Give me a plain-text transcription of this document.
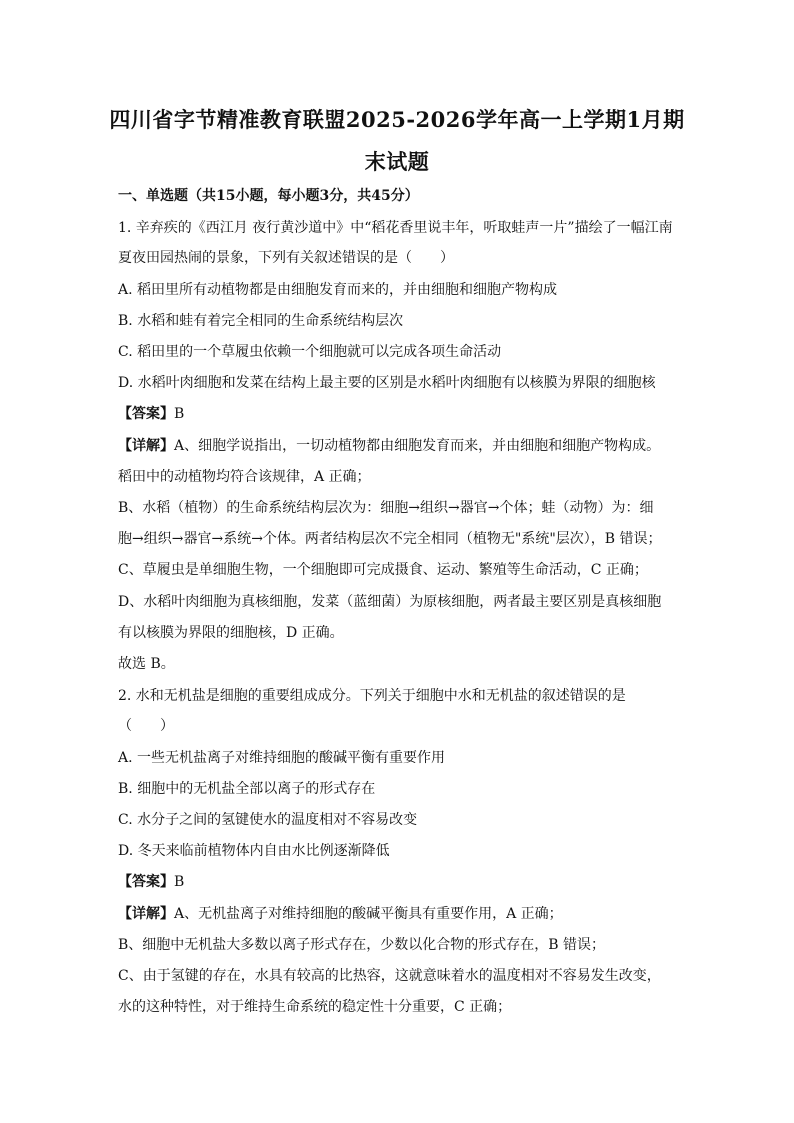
四川省字节精准教育联盟2025-2026学年高一上学期1月期
末试题
一、单选题（共15小题，每小题3分，共45分）
1. 辛弃疾的《西江月 夜行黄沙道中》中“稻花香里说丰年，听取蛙声一片”描绘了一幅江南
夏夜田园热闹的景象，下列有关叙述错误的是（　　）
A. 稻田里所有动植物都是由细胞发育而来的，并由细胞和细胞产物构成
B. 水稻和蛙有着完全相同的生命系统结构层次
C. 稻田里的一个草履虫依赖一个细胞就可以完成各项生命活动
D. 水稻叶肉细胞和发菜在结构上最主要的区别是水稻叶肉细胞有以核膜为界限的细胞核
【答案】B
【详解】A、细胞学说指出，一切动植物都由细胞发育而来，并由细胞和细胞产物构成。
稻田中的动植物均符合该规律，A 正确；
B、水稻（植物）的生命系统结构层次为：细胞→组织→器官→个体；蛙（动物）为：细
胞→组织→器官→系统→个体。两者结构层次不完全相同（植物无"系统"层次），B 错误；
C、草履虫是单细胞生物，一个细胞即可完成摄食、运动、繁殖等生命活动，C 正确；
D、水稻叶肉细胞为真核细胞，发菜（蓝细菌）为原核细胞，两者最主要区别是真核细胞
有以核膜为界限的细胞核，D 正确。
故选 B。
2. 水和无机盐是细胞的重要组成成分。下列关于细胞中水和无机盐的叙述错误的是
（　　）
A. 一些无机盐离子对维持细胞的酸碱平衡有重要作用
B. 细胞中的无机盐全部以离子的形式存在
C. 水分子之间的氢键使水的温度相对不容易改变
D. 冬天来临前植物体内自由水比例逐渐降低
【答案】B
【详解】A、无机盐离子对维持细胞的酸碱平衡具有重要作用，A 正确；
B、细胞中无机盐大多数以离子形式存在，少数以化合物的形式存在，B 错误；
C、由于氢键的存在，水具有较高的比热容，这就意味着水的温度相对不容易发生改变，
水的这种特性，对于维持生命系统的稳定性十分重要，C 正确；
